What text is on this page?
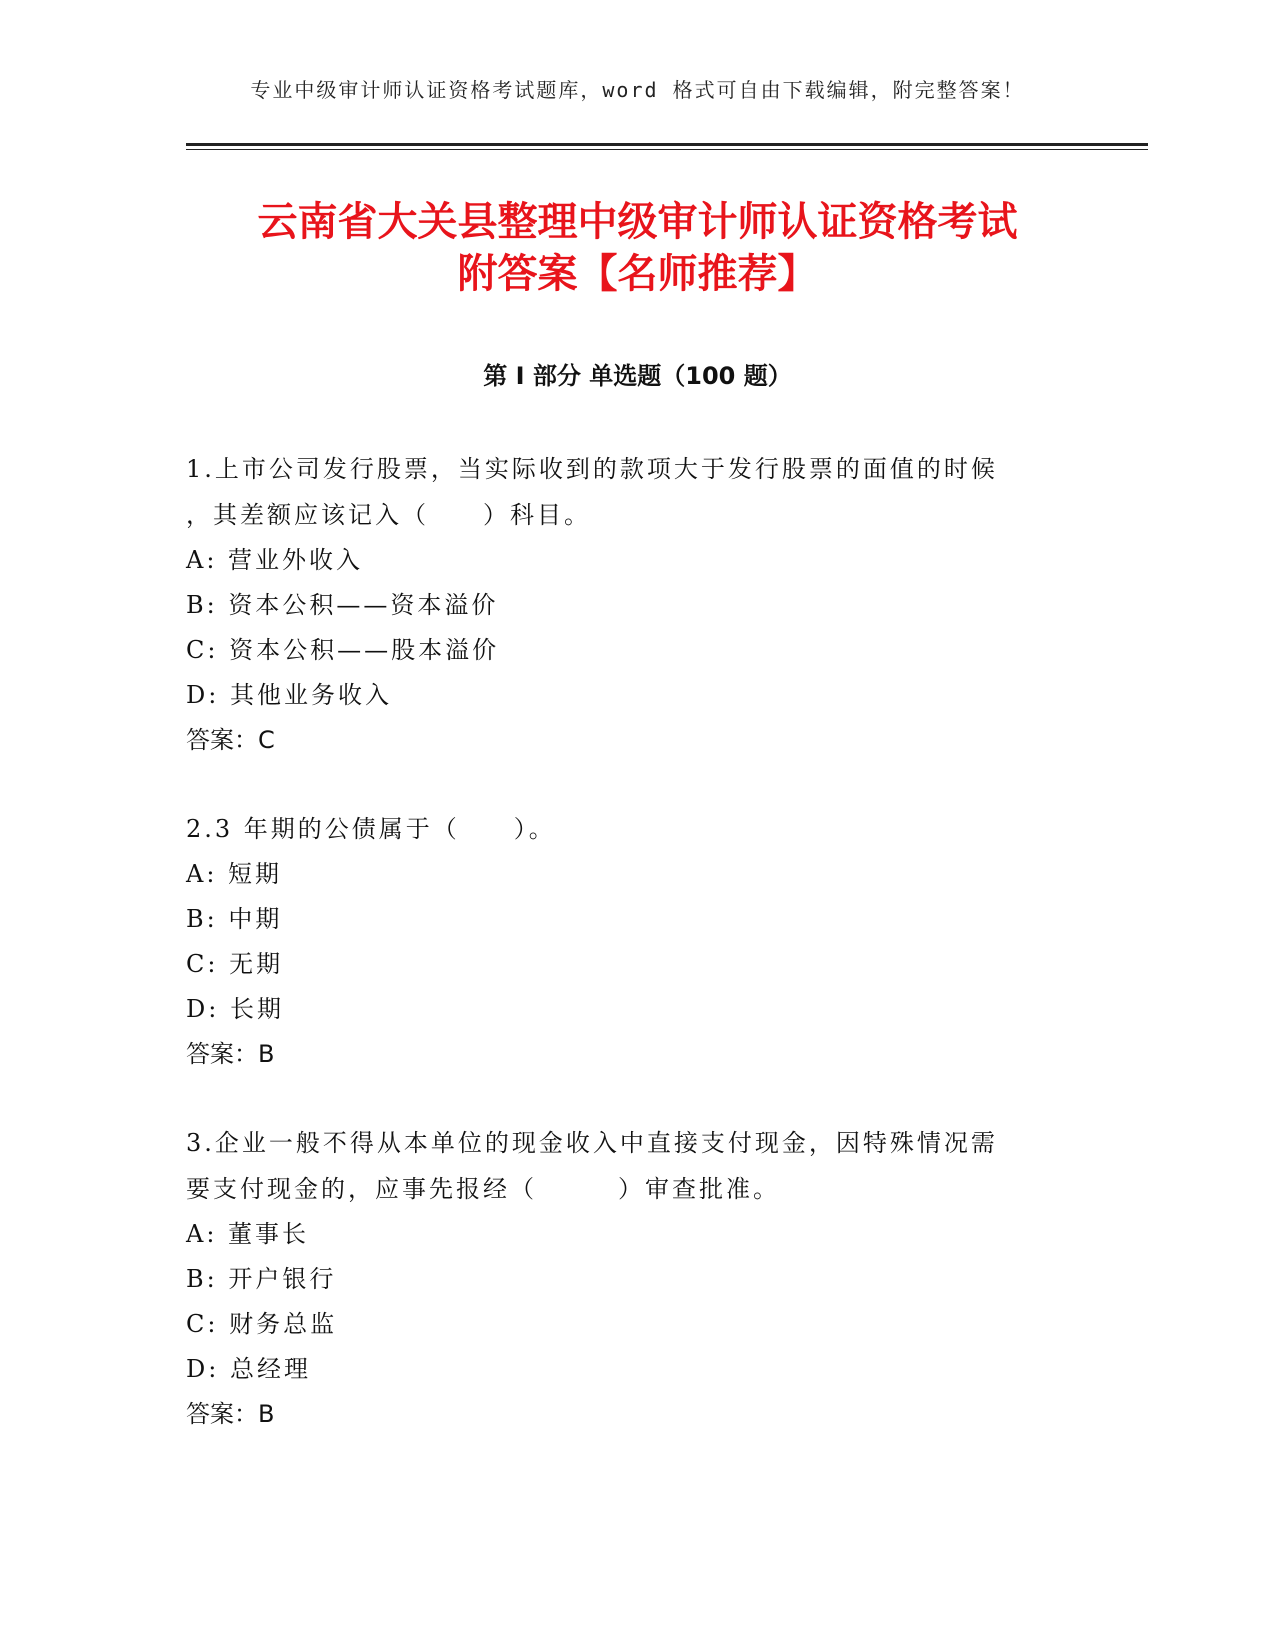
专业中级审计师认证资格考试题库，word 格式可自由下载编辑，附完整答案！
云南省大关县整理中级审计师认证资格考试
附答案【名师推荐】
第 I 部分 单选题（100 题）

1.上市公司发行股票，当实际收到的款项大于发行股票的面值的时候

，其差额应该记入（　　）科目。

A: 营业外收入

B: 资本公积——资本溢价

C: 资本公积——股本溢价

D: 其他业务收入

答案：C

2.3 年期的公债属于（　　）。

A: 短期

B: 中期

C: 无期

D: 长期

答案：B

3.企业一般不得从本单位的现金收入中直接支付现金，因特殊情况需

要支付现金的，应事先报经（　　　）审查批准。

A: 董事长

B: 开户银行

C: 财务总监

D: 总经理

答案：B
